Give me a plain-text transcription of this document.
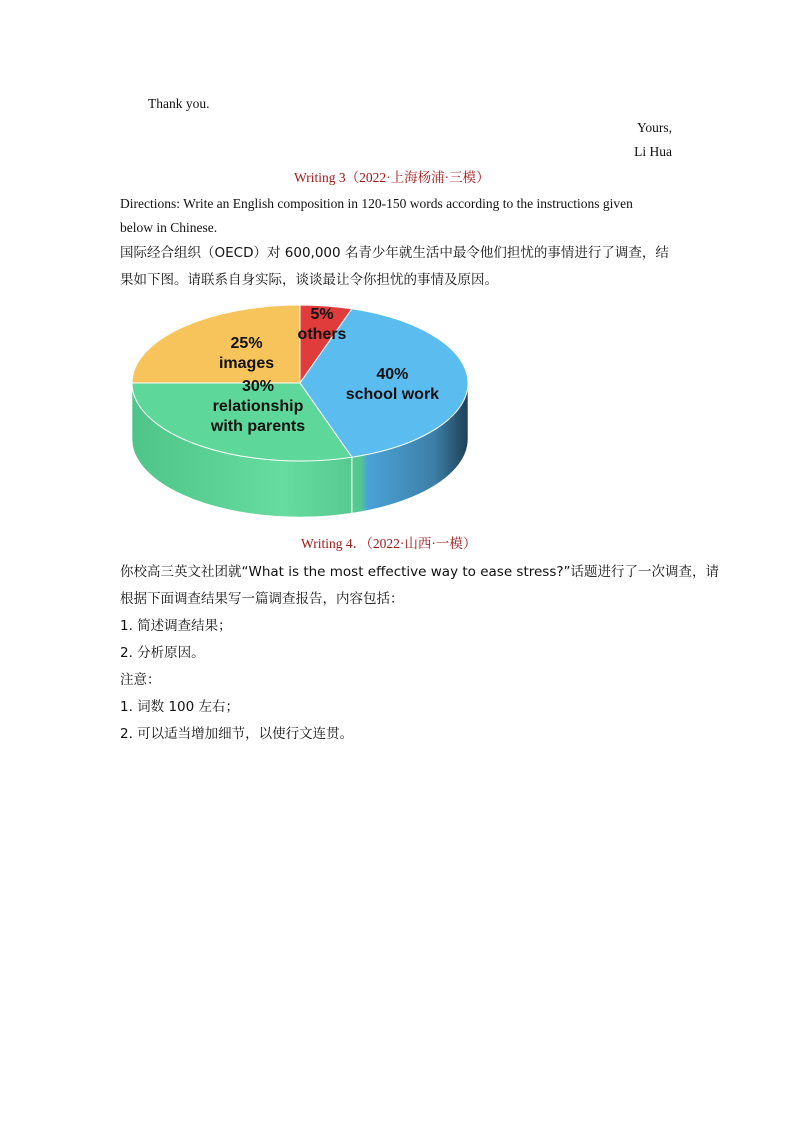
Thank you.
Yours,
Li Hua
Writing 3（2022·上海杨浦·三模）
Directions: Write an English composition in 120-150 words according to the instructions given
below in Chinese.
国际经合组织（OECD）对 600,000 名青少年就生活中最令他们担忧的事情进行了调查，结
果如下图。请联系自身实际，谈谈最让令你担忧的事情及原因。
5%
others
40%
school work
30%
relationship
with parents
25%
images
Writing 4．（2022·山西·一模）
你校高三英文社团就“What is the most effective way to ease stress?”话题进行了一次调查，请
根据下面调查结果写一篇调查报告，内容包括：
1. 简述调查结果；
2. 分析原因。
注意：
1. 词数 100 左右；
2. 可以适当增加细节，以使行文连贯。
